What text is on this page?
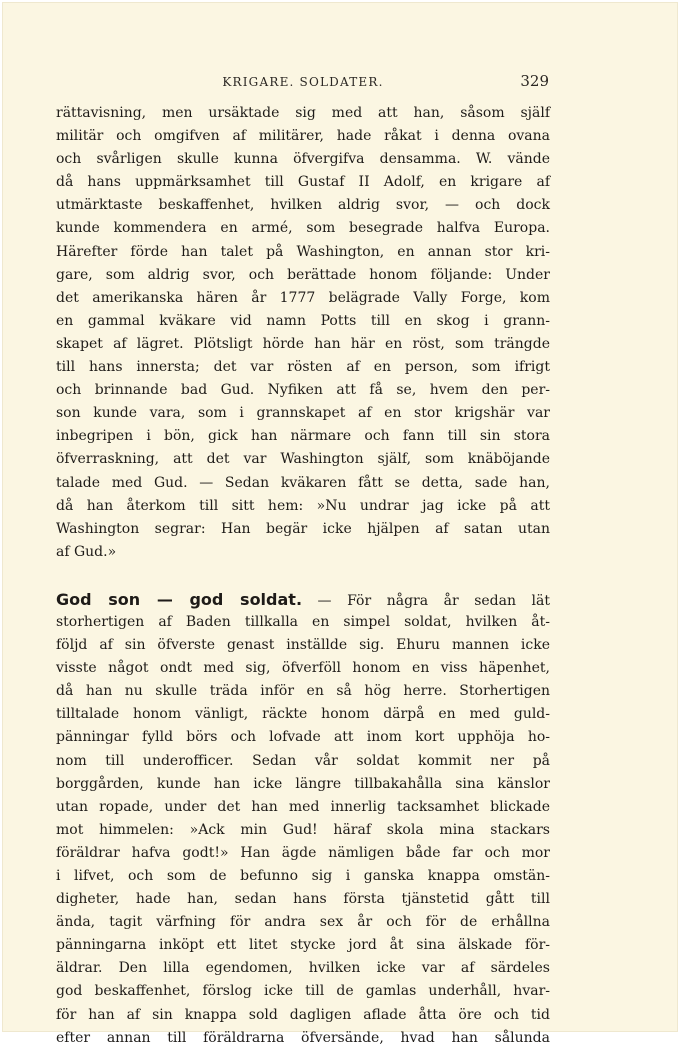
KRIGARE. SOLDATER.	329
rättavisning, men ursäktade sig med att han, såsom själf
militär och omgifven af militärer, hade råkat i denna ovana
och svårligen skulle kunna öfvergifva densamma. W. vände
då hans uppmärksamhet till Gustaf II Adolf, en krigare af
utmärktaste beskaffenhet, hvilken aldrig svor, — och dock
kunde kommendera en armé, som besegrade halfva Europa.
Härefter förde han talet på Washington, en annan stor kri-
gare, som aldrig svor, och berättade honom följande: Under
det amerikanska hären år 1777 belägrade Vally Forge, kom
en gammal kväkare vid namn Potts till en skog i grann-
skapet af lägret. Plötsligt hörde han här en röst, som trängde
till hans innersta; det var rösten af en person, som ifrigt
och brinnande bad Gud. Nyfiken att få se, hvem den per-
son kunde vara, som i grannskapet af en stor krigshär var
inbegripen i bön, gick han närmare och fann till sin stora
öfverraskning, att det var Washington själf, som knäböjande
talade med Gud. — Sedan kväkaren fått se detta, sade han,
då han återkom till sitt hem: »Nu undrar jag icke på att
Washington segrar: Han begär icke hjälpen af satan utan
af Gud.»
God son — god soldat. — För några år sedan lät
storhertigen af Baden tillkalla en simpel soldat, hvilken åt-
följd af sin öfverste genast inställde sig. Ehuru mannen icke
visste något ondt med sig, öfverföll honom en viss häpenhet,
då han nu skulle träda inför en så hög herre. Storhertigen
tilltalade honom vänligt, räckte honom därpå en med guld-
pänningar fylld börs och lofvade att inom kort upphöja ho-
nom till underofficer. Sedan vår soldat kommit ner på
borggården, kunde han icke längre tillbakahålla sina känslor
utan ropade, under det han med innerlig tacksamhet blickade
mot himmelen: »Ack min Gud! häraf skola mina stackars
föräldrar hafva godt!» Han ägde nämligen både far och mor
i lifvet, och som de befunno sig i ganska knappa omstän-
digheter, hade han, sedan hans första tjänstetid gått till
ända, tagit värfning för andra sex år och för de erhållna
pänningarna inköpt ett litet stycke jord åt sina älskade för-
äldrar. Den lilla egendomen, hvilken icke var af särdeles
god beskaffenhet, förslog icke till de gamlas underhåll, hvar-
för han af sin knappa sold dagligen aflade åtta öre och tid
efter annan till föräldrarna öfversände, hvad han sålunda
